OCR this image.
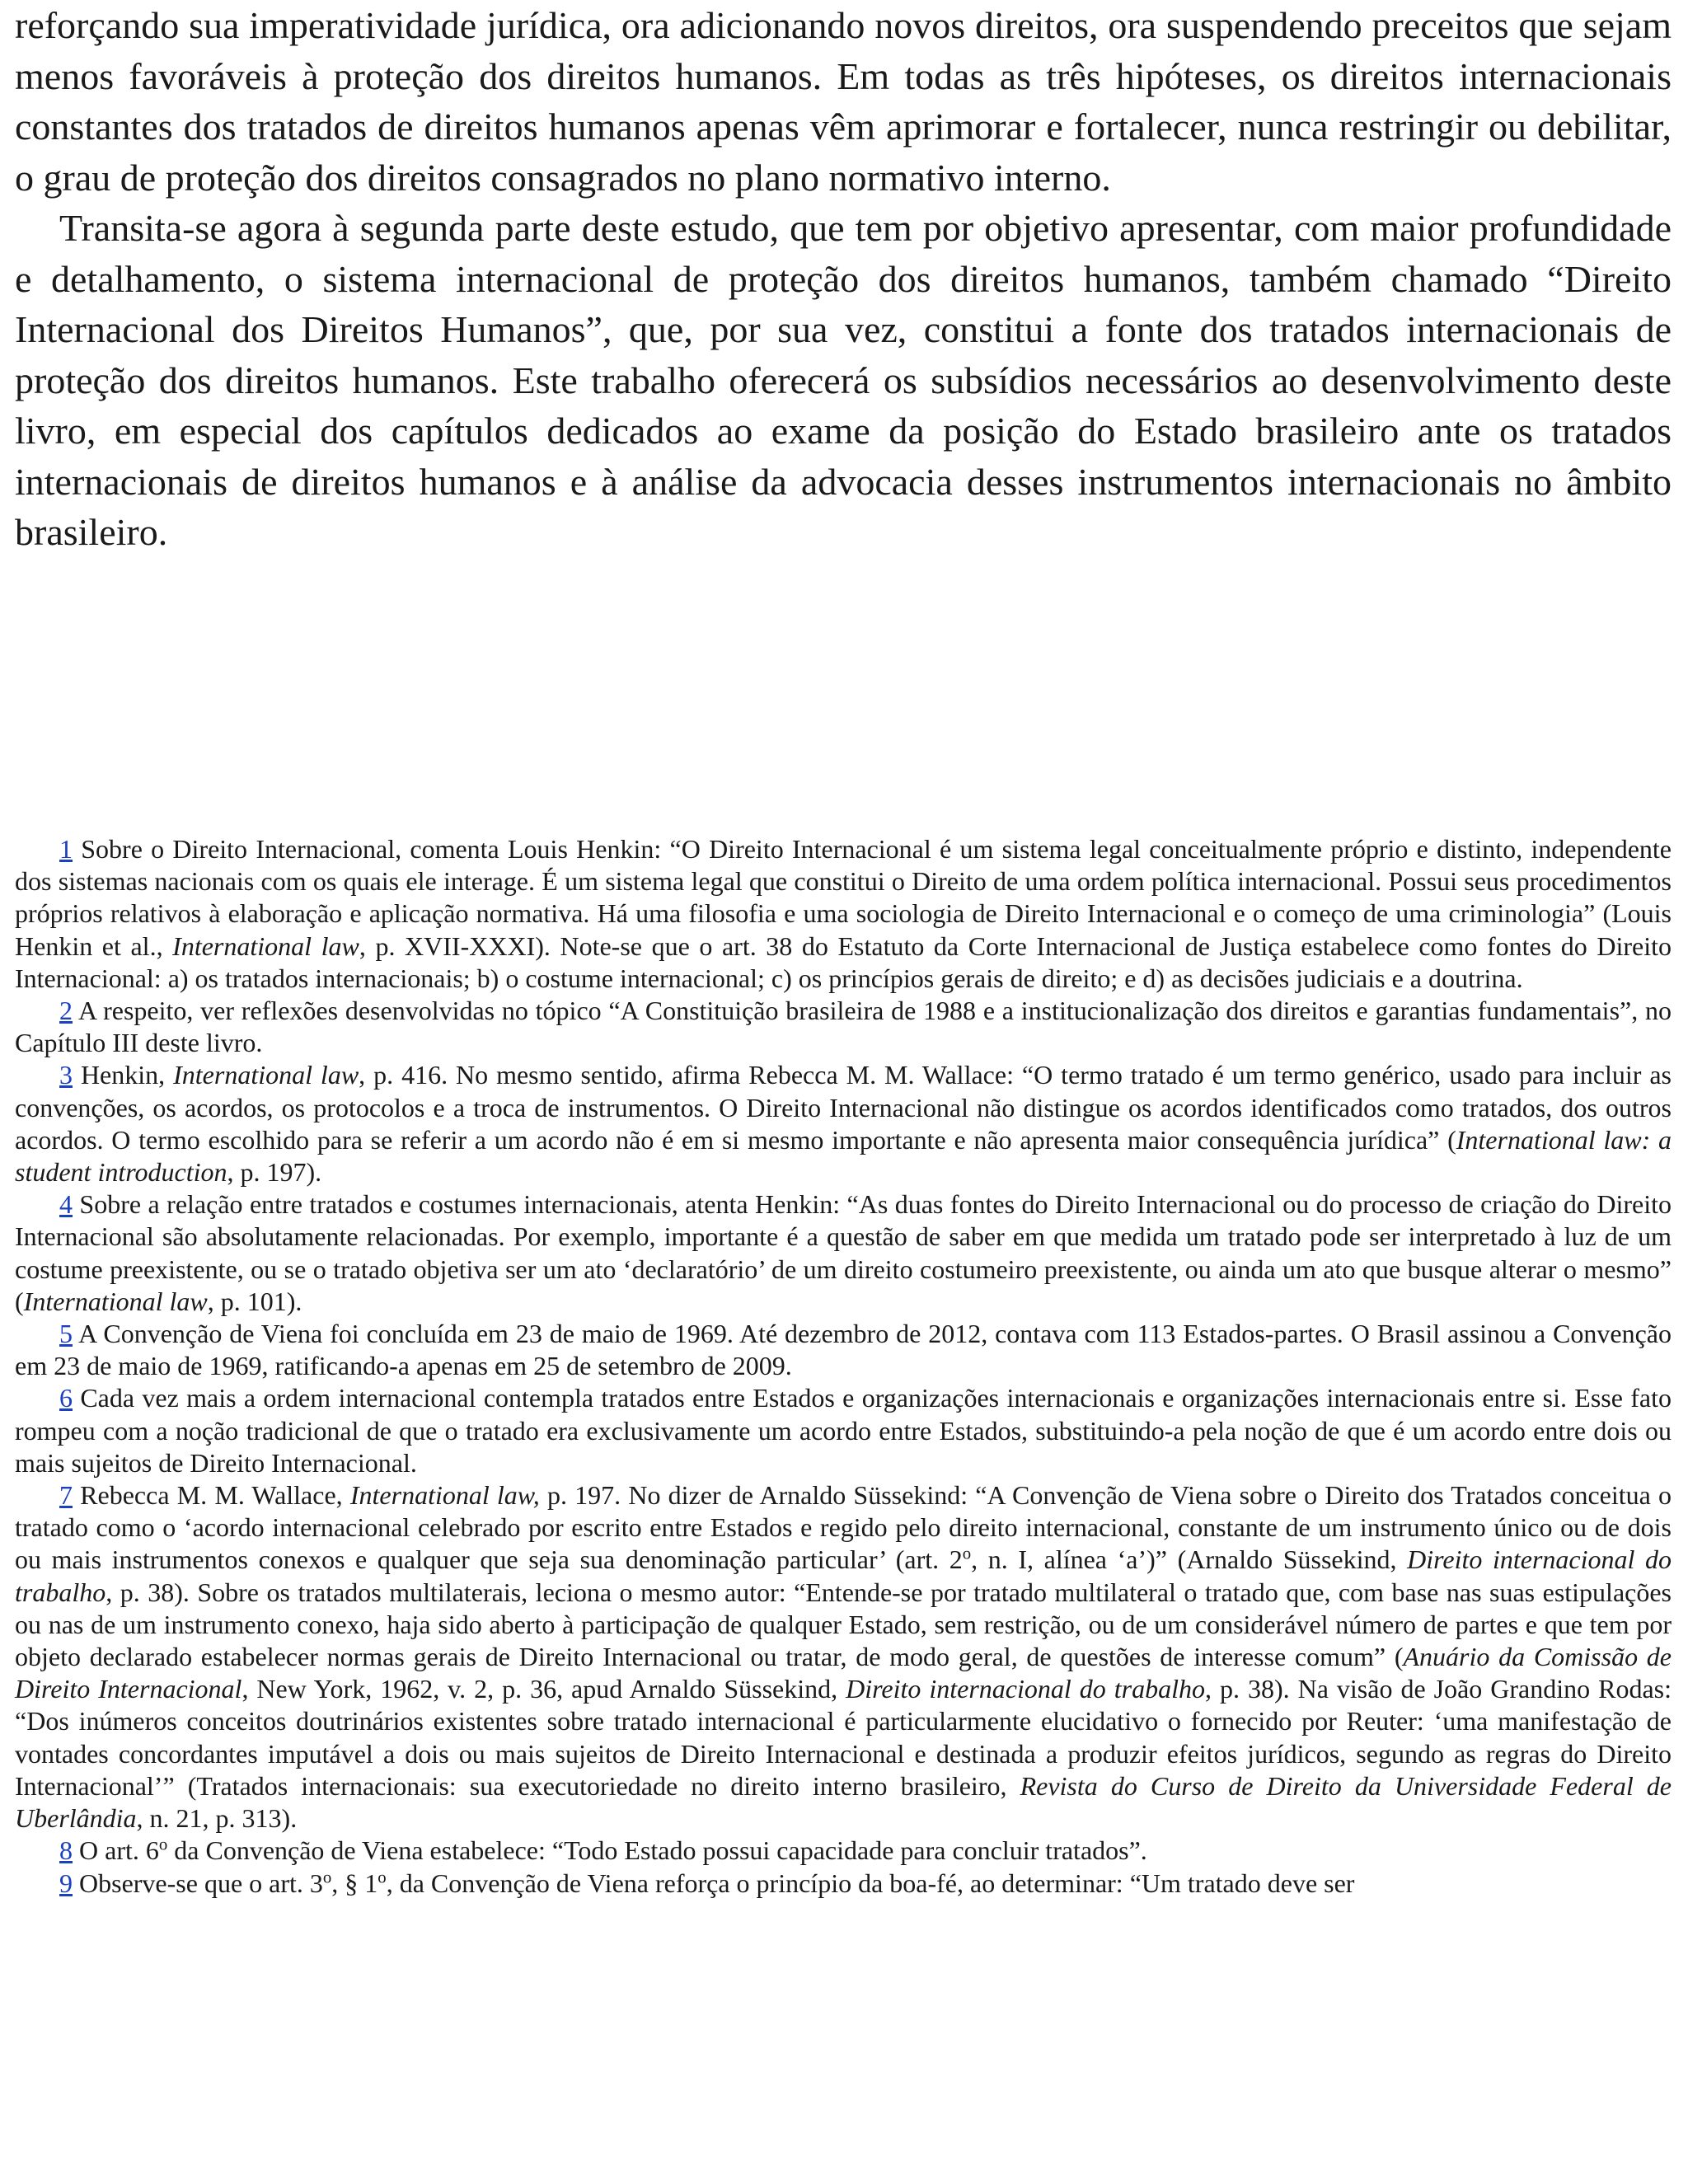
reforçando sua imperatividade jurídica, ora adicionando novos direitos, ora suspendendo preceitos que sejam menos favoráveis à proteção dos direitos humanos. Em todas as três hipóteses, os direitos internacionais constantes dos tratados de direitos humanos apenas vêm aprimorar e fortalecer, nunca restringir ou debilitar, o grau de proteção dos direitos consagrados no plano normativo interno.

Transita-se agora à segunda parte deste estudo, que tem por objetivo apresentar, com maior profundidade e detalhamento, o sistema internacional de proteção dos direitos humanos, também chamado “Direito Internacional dos Direitos Humanos”, que, por sua vez, constitui a fonte dos tratados internacionais de proteção dos direitos humanos. Este trabalho oferecerá os subsídios necessários ao desenvolvimento deste livro, em especial dos capítulos dedicados ao exame da posição do Estado brasileiro ante os tratados internacionais de direitos humanos e à análise da advocacia desses instrumentos internacionais no âmbito brasileiro.

1 Sobre o Direito Internacional, comenta Louis Henkin: “O Direito Internacional é um sistema legal conceitualmente próprio e distinto, independente dos sistemas nacionais com os quais ele interage. É um sistema legal que constitui o Direito de uma ordem política internacional. Possui seus procedimentos próprios relativos à elaboração e aplicação normativa. Há uma filosofia e uma sociologia de Direito Internacional e o começo de uma criminologia” (Louis Henkin et al., International law, p. XVII-XXXI). Note-se que o art. 38 do Estatuto da Corte Internacional de Justiça estabelece como fontes do Direito Internacional: a) os tratados internacionais; b) o costume internacional; c) os princípios gerais de direito; e d) as decisões judiciais e a doutrina.

2 A respeito, ver reflexões desenvolvidas no tópico “A Constituição brasileira de 1988 e a institucionalização dos direitos e garantias fundamentais”, no Capítulo III deste livro.

3 Henkin, International law, p. 416. No mesmo sentido, afirma Rebecca M. M. Wallace: “O termo tratado é um termo genérico, usado para incluir as convenções, os acordos, os protocolos e a troca de instrumentos. O Direito Internacional não distingue os acordos identificados como tratados, dos outros acordos. O termo escolhido para se referir a um acordo não é em si mesmo importante e não apresenta maior consequência jurídica” (International law: a student introduction, p. 197).

4 Sobre a relação entre tratados e costumes internacionais, atenta Henkin: “As duas fontes do Direito Internacional ou do processo de criação do Direito Internacional são absolutamente relacionadas. Por exemplo, importante é a questão de saber em que medida um tratado pode ser interpretado à luz de um costume preexistente, ou se o tratado objetiva ser um ato ‘declaratório’ de um direito costumeiro preexistente, ou ainda um ato que busque alterar o mesmo” (International law, p. 101).

5 A Convenção de Viena foi concluída em 23 de maio de 1969. Até dezembro de 2012, contava com 113 Estados-partes. O Brasil assinou a Convenção em 23 de maio de 1969, ratificando-a apenas em 25 de setembro de 2009.

6 Cada vez mais a ordem internacional contempla tratados entre Estados e organizações internacionais e organizações internacionais entre si. Esse fato rompeu com a noção tradicional de que o tratado era exclusivamente um acordo entre Estados, substituindo-a pela noção de que é um acordo entre dois ou mais sujeitos de Direito Internacional.

7 Rebecca M. M. Wallace, International law, p. 197. No dizer de Arnaldo Süssekind: “A Convenção de Viena sobre o Direito dos Tratados conceitua o tratado como o ‘acordo internacional celebrado por escrito entre Estados e regido pelo direito internacional, constante de um instrumento único ou de dois ou mais instrumentos conexos e qualquer que seja sua denominação particular’ (art. 2$^o$, n. I, alínea ‘a’)” (Arnaldo Süssekind, Direito internacional do trabalho, p. 38). Sobre os tratados multilaterais, leciona o mesmo autor: “Entende-se por tratado multilateral o tratado que, com base nas suas estipulações ou nas de um instrumento conexo, haja sido aberto à participação de qualquer Estado, sem restrição, ou de um considerável número de partes e que tem por objeto declarado estabelecer normas gerais de Direito Internacional ou tratar, de modo geral, de questões de interesse comum” (Anuário da Comissão de Direito Internacional, New York, 1962, v. 2, p. 36, apud Arnaldo Süssekind, Direito internacional do trabalho, p. 38). Na visão de João Grandino Rodas: “Dos inúmeros conceitos doutrinários existentes sobre tratado internacional é particularmente elucidativo o fornecido por Reuter: ‘uma manifestação de vontades concordantes imputável a dois ou mais sujeitos de Direito Internacional e destinada a produzir efeitos jurídicos, segundo as regras do Direito Internacional’” (Tratados internacionais: sua executoriedade no direito interno brasileiro, Revista do Curso de Direito da Universidade Federal de Uberlândia, n. 21, p. 313).

8 O art. 6$^o$ da Convenção de Viena estabelece: “Todo Estado possui capacidade para concluir tratados”.

9 Observe-se que o art. 3$^o$, § 1$^o$, da Convenção de Viena reforça o princípio da boa-fé, ao determinar: “Um tratado deve ser
